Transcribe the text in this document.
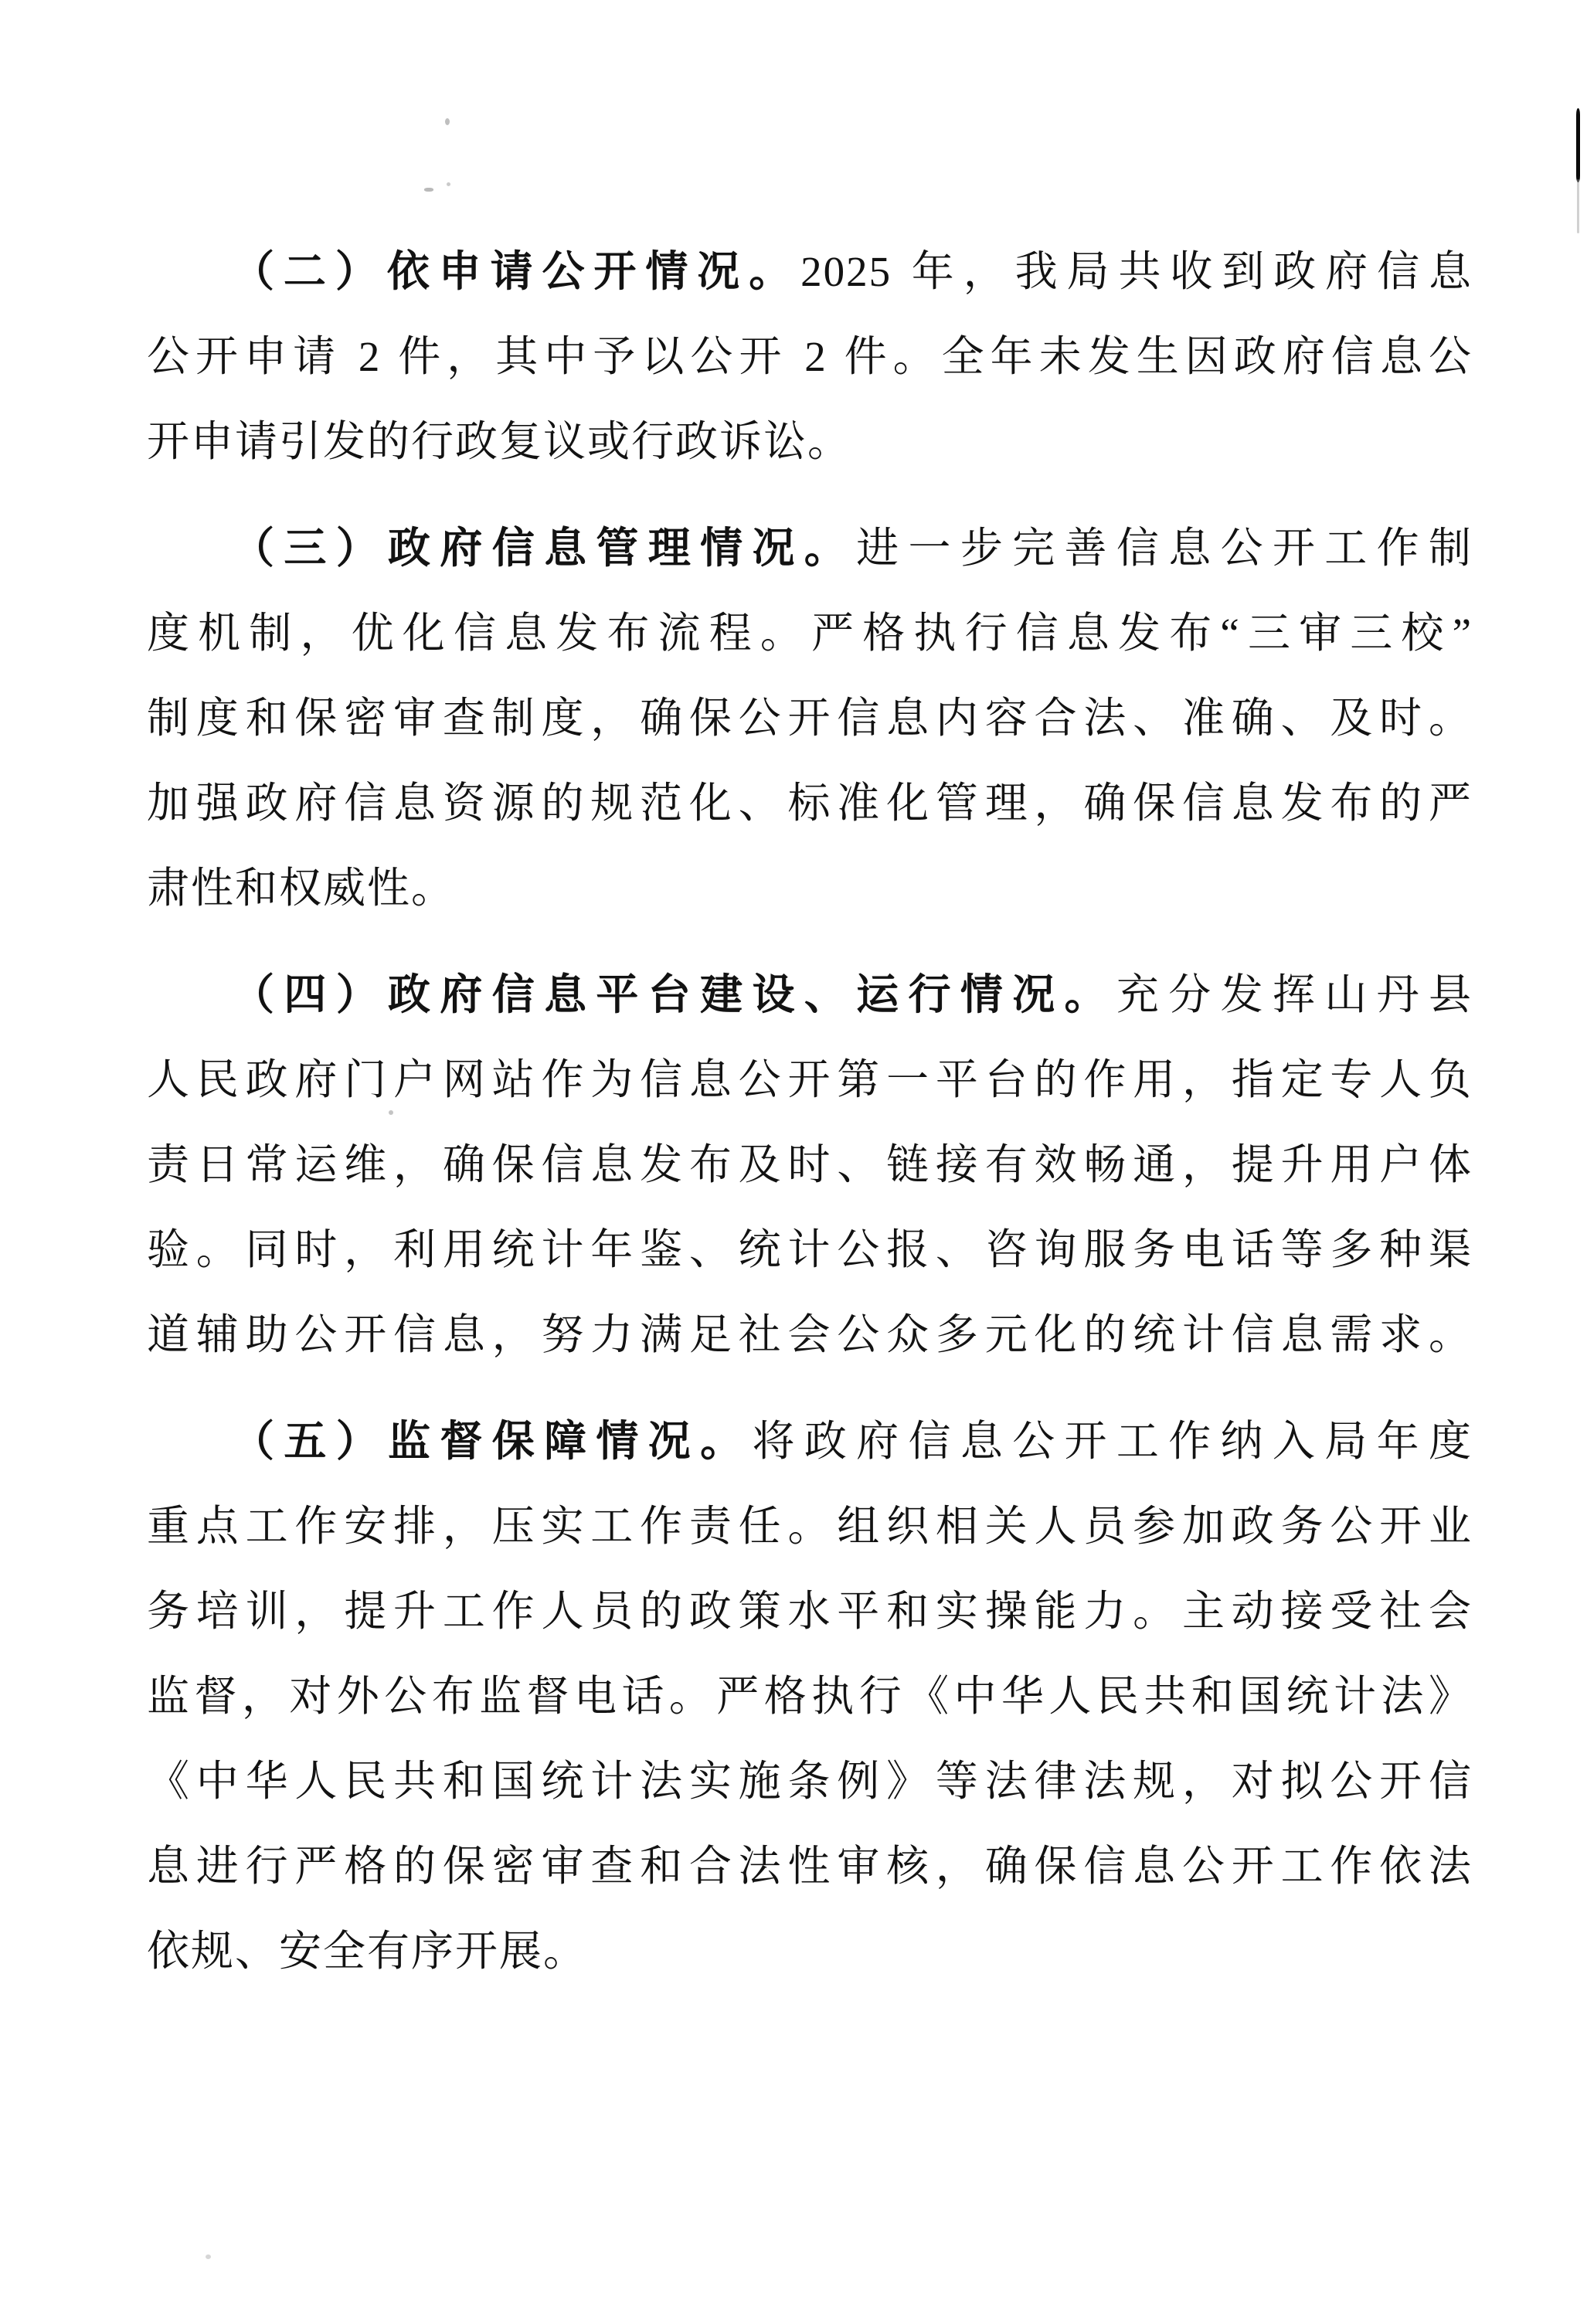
（二）依申请公开情况。2025 年，我局共收到政府信息
公开申请 2 件，其中予以公开 2 件。全年未发生因政府信息公
开申请引发的行政复议或行政诉讼。
（三）政府信息管理情况。进一步完善信息公开工作制
度机制，优化信息发布流程。严格执行信息发布“三审三校”
制度和保密审查制度，确保公开信息内容合法、准确、及时。
加强政府信息资源的规范化、标准化管理，确保信息发布的严
肃性和权威性。
（四）政府信息平台建设、运行情况。充分发挥山丹县
人民政府门户网站作为信息公开第一平台的作用，指定专人负
责日常运维，确保信息发布及时、链接有效畅通，提升用户体
验。同时，利用统计年鉴、统计公报、咨询服务电话等多种渠
道辅助公开信息，努力满足社会公众多元化的统计信息需求。
（五）监督保障情况。将政府信息公开工作纳入局年度
重点工作安排，压实工作责任。组织相关人员参加政务公开业
务培训，提升工作人员的政策水平和实操能力。主动接受社会
监督，对外公布监督电话。严格执行《中华人民共和国统计法》
《中华人民共和国统计法实施条例》等法律法规，对拟公开信
息进行严格的保密审查和合法性审核，确保信息公开工作依法
依规、安全有序开展。
